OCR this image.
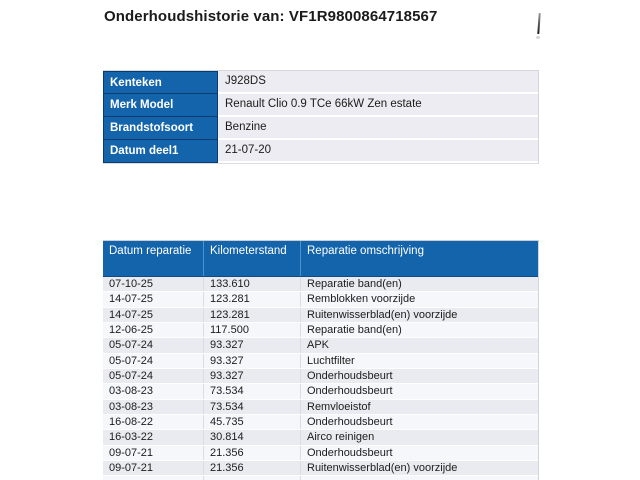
Onderhoudshistorie van: VF1R9800864718567
Kenteken	J928DS
Merk Model	Renault Clio 0.9 TCe 66kW Zen estate
Brandstofsoort	Benzine
Datum deel1	21-07-20
Datum reparatie	Kilometerstand	Reparatie omschrijving
07-10-25	133.610	Reparatie band(en)
14-07-25	123.281	Remblokken voorzijde
14-07-25	123.281	Ruitenwisserblad(en) voorzijde
12-06-25	117.500	Reparatie band(en)
05-07-24	93.327	APK
05-07-24	93.327	Luchtfilter
05-07-24	93.327	Onderhoudsbeurt
03-08-23	73.534	Onderhoudsbeurt
03-08-23	73.534	Remvloeistof
16-08-22	45.735	Onderhoudsbeurt
16-03-22	30.814	Airco reinigen
09-07-21	21.356	Onderhoudsbeurt
09-07-21	21.356	Ruitenwisserblad(en) voorzijde
